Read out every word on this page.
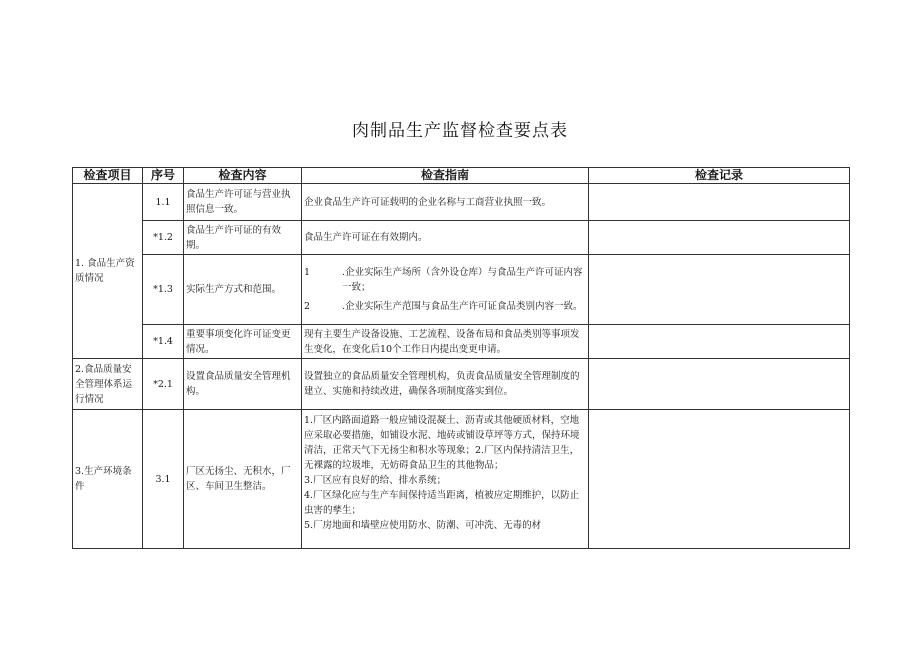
肉制品生产监督检查要点表
检查项目	序号	检查内容	检查指南	检查记录
1. 食品生产资质情况	1.1	食品生产许可证与营业执照信息一致。	企业食品生产许可证载明的企业名称与工商营业执照一致。	

	*1.2	食品生产许可证的有效期。	食品生产许可证在有效期内。	

	*1.3	实际生产方式和范围。	1 .企业实际生产场所（含外设仓库）与食品生产许可证内容一致；
2 .企业实际生产范围与食品生产许可证食品类别内容一致。	

	*1.4	重要事项变化许可证变更情况。	现有主要生产设备设施、工艺流程、设备布局和食品类别等事项发生变化，在变化后10个工作日内提出变更申请。	

2.食品质量安全管理体系运行情况	*2.1	设置食品质量安全管理机构。	设置独立的食品质量安全管理机构，负责食品质量安全管理制度的建立、实施和持续改进，确保各项制度落实到位。	

3.生产环境条件	3.1	厂区无扬尘、无积水，厂区、车间卫生整洁。	1.厂区内路面道路一般应铺设混凝土、沥青或其他硬质材料，空地应采取必要措施，如铺设水泥、地砖或铺设草坪等方式，保持环境清洁，正常天气下无扬尘和积水等现象；2.厂区内保持清洁卫生，无裸露的垃圾堆，无妨碍食品卫生的其他物品；
3.厂区应有良好的给、排水系统；
4.厂区绿化应与生产车间保持适当距离，植被应定期维护，以防止虫害的孳生；
5.厂房地面和墙壁应使用防水、防潮、可冲洗、无毒的材	
